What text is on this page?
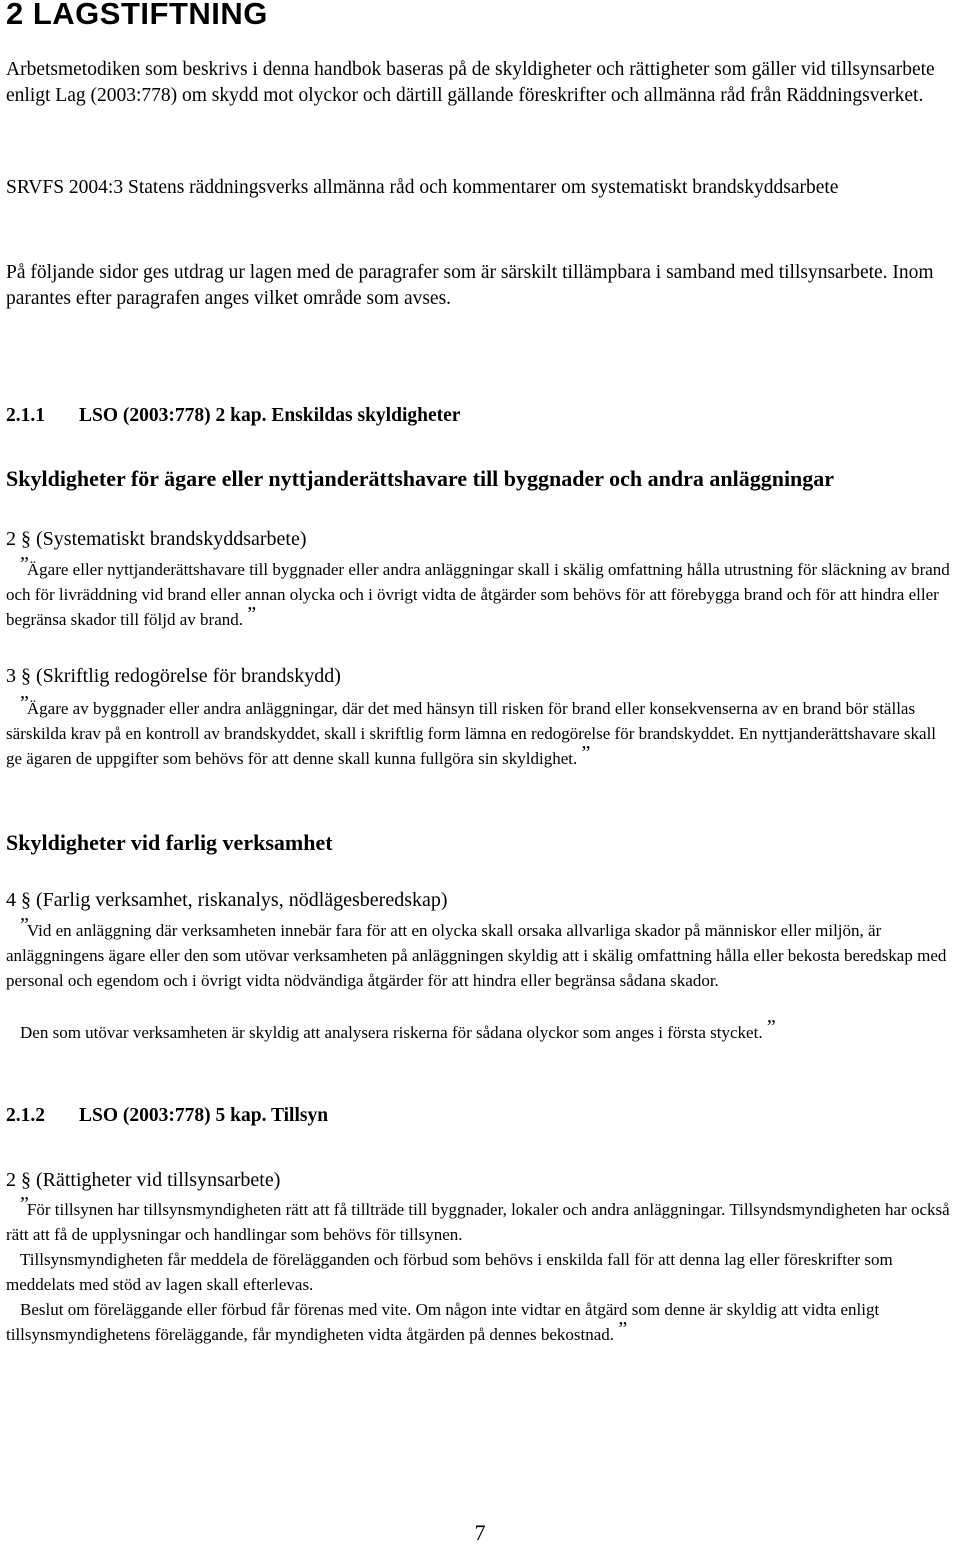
2 LAGSTIFTNING

Arbetsmetodiken som beskrivs i denna handbok baseras på de skyldigheter och rättigheter som gäller vid tillsynsarbete enligt Lag (2003:778) om skydd mot olyckor och därtill gällande föreskrifter och allmänna råd från Räddningsverket.

SRVFS 2004:3 Statens räddningsverks allmänna råd och kommentarer om systematiskt brandskyddsarbete

På följande sidor ges utdrag ur lagen med de paragrafer som är särskilt tillämpbara i samband med tillsynsarbete. Inom parantes efter paragrafen anges vilket område som avses.

2.1.1 LSO (2003:778) 2 kap. Enskildas skyldigheter
Skyldigheter för ägare eller nyttjanderättshavare till byggnader och andra anläggningar
2 § (Systematiskt brandskyddsarbete)

”Ägare eller nyttjanderättshavare till byggnader eller andra anläggningar skall i skälig omfattning hålla utrustning för släckning av brand och för livräddning vid brand eller annan olycka och i övrigt vidta de åtgärder som behövs för att förebygga brand och för att hindra eller begränsa skador till följd av brand. ”

3 § (Skriftlig redogörelse för brandskydd)

”Ägare av byggnader eller andra anläggningar, där det med hänsyn till risken för brand eller konsekvenserna av en brand bör ställas särskilda krav på en kontroll av brandskyddet, skall i skriftlig form lämna en redogörelse för brandskyddet. En nyttjanderättshavare skall ge ägaren de uppgifter som behövs för att denne skall kunna fullgöra sin skyldighet. ”

Skyldigheter vid farlig verksamhet
4 § (Farlig verksamhet, riskanalys, nödlägesberedskap)

”Vid en anläggning där verksamheten innebär fara för att en olycka skall orsaka allvarliga skador på människor eller miljön, är anläggningens ägare eller den som utövar verksamheten på anläggningen skyldig att i skälig omfattning hålla eller bekosta beredskap med personal och egendom och i övrigt vidta nödvändiga åtgärder för att hindra eller begränsa sådana skador.

Den som utövar verksamheten är skyldig att analysera riskerna för sådana olyckor som anges i första stycket. ”

2.1.2 LSO (2003:778) 5 kap. Tillsyn
2 § (Rättigheter vid tillsynsarbete)

”För tillsynen har tillsynsmyndigheten rätt att få tillträde till byggnader, lokaler och andra anläggningar. Tillsyndsmyndigheten har också rätt att få de upplysningar och handlingar som behövs för tillsynen.

Tillsynsmyndigheten får meddela de förelägganden och förbud som behövs i enskilda fall för att denna lag eller föreskrifter som meddelats med stöd av lagen skall efterlevas.

Beslut om föreläggande eller förbud får förenas med vite. Om någon inte vidtar en åtgärd som denne är skyldig att vidta enligt tillsynsmyndighetens föreläggande, får myndigheten vidta åtgärden på dennes bekostnad. ”

7
